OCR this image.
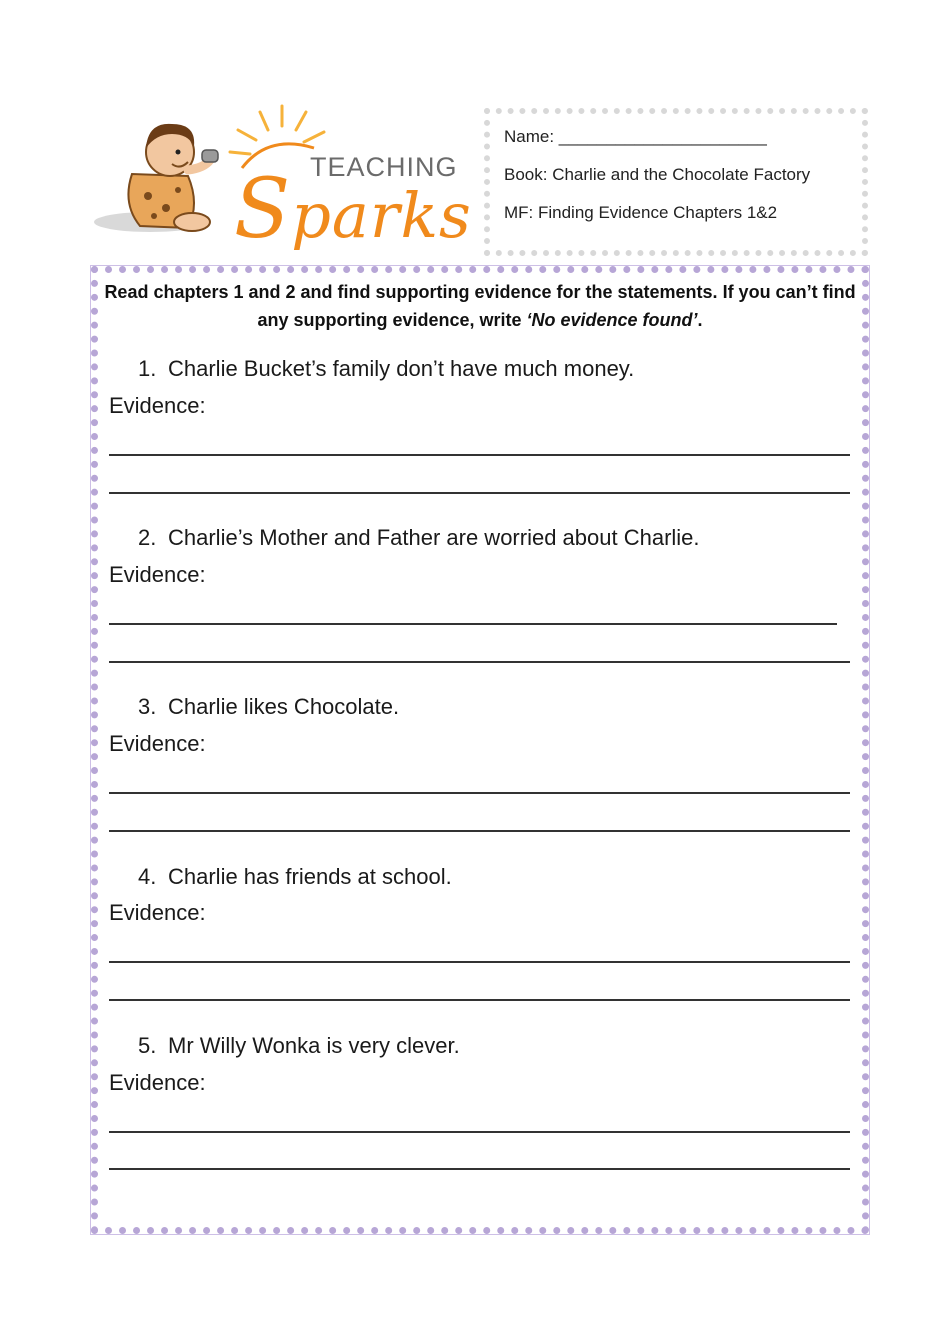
TEACHING
Sparks
Name: ______________________
Book: Charlie and the Chocolate Factory
MF: Finding Evidence Chapters 1&2
Read chapters 1 and 2 and find supporting evidence for the statements. If you can’t find any supporting evidence, write ‘No evidence found’.
1. Charlie Bucket’s family don’t have much money.
Evidence:
2. Charlie’s Mother and Father are worried about Charlie.
Evidence:
3. Charlie likes Chocolate.
Evidence:
4. Charlie has friends at school.
Evidence:
5. Mr Willy Wonka is very clever.
Evidence:
